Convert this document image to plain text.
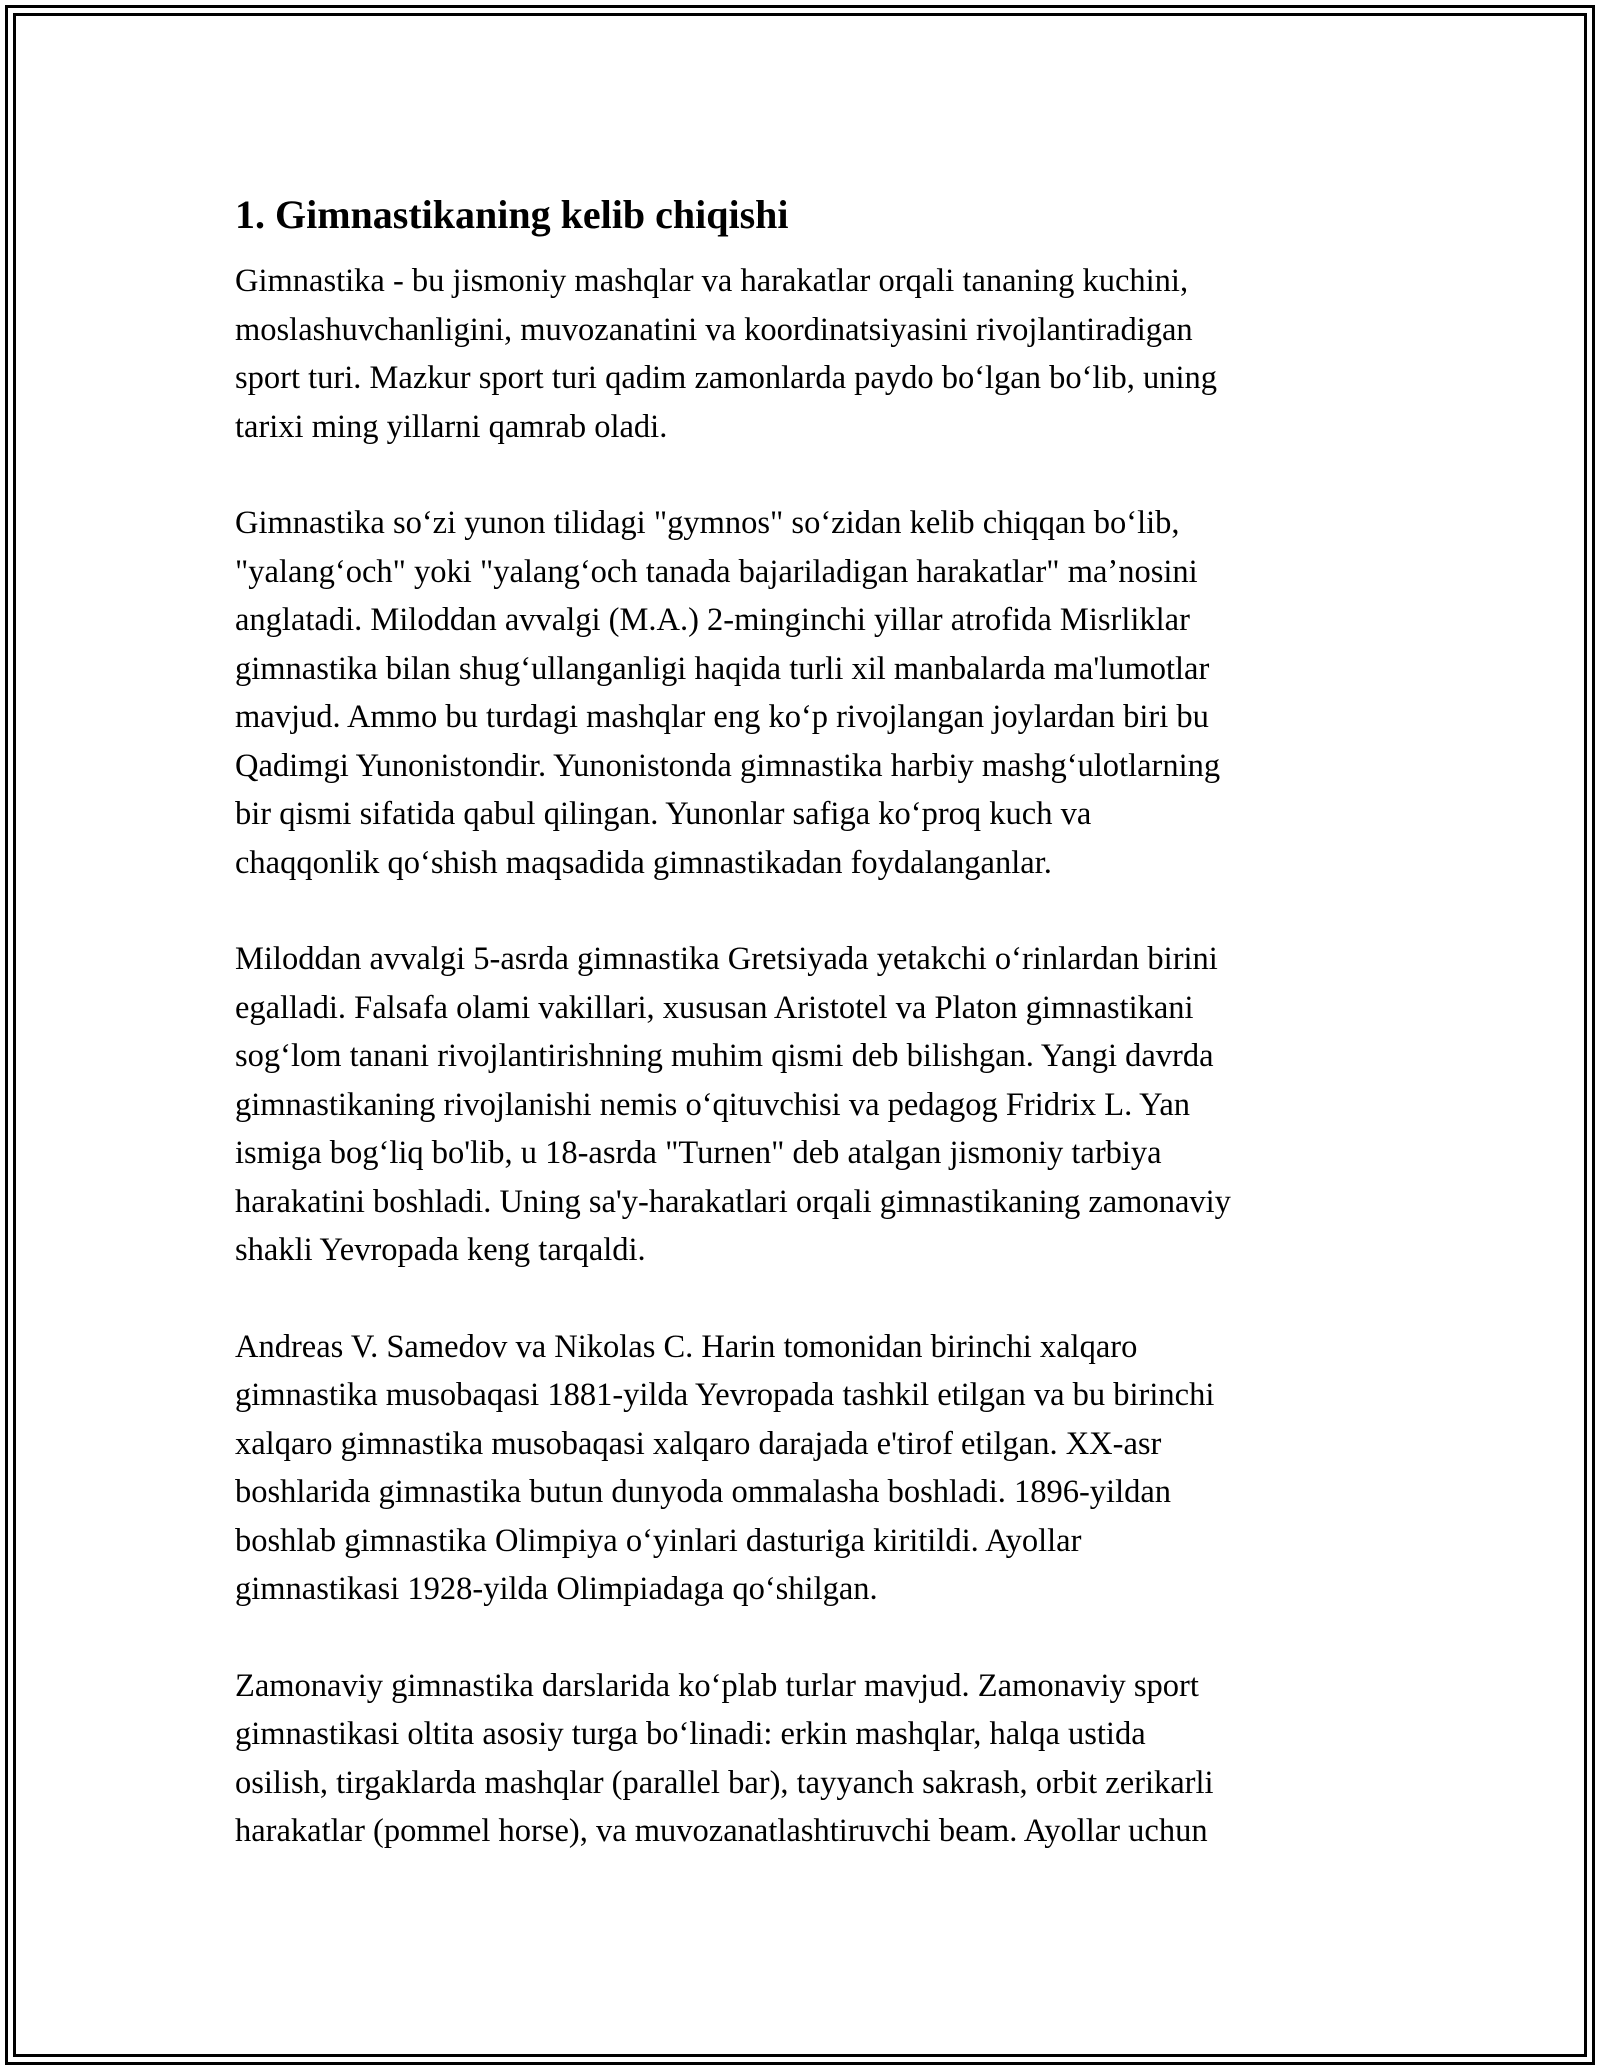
1. Gimnastikaning kelib chiqishi
Gimnastika - bu jismoniy mashqlar va harakatlar orqali tananing kuchini,
moslashuvchanligini, muvozanatini va koordinatsiyasini rivojlantiradigan
sport turi. Mazkur sport turi qadim zamonlarda paydo boʻlgan boʻlib, uning
tarixi ming yillarni qamrab oladi.
Gimnastika soʻzi yunon tilidagi "gymnos" soʻzidan kelib chiqqan boʻlib,
"yalangʻoch" yoki "yalangʻoch tanada bajariladigan harakatlar" maʼnosini
anglatadi. Miloddan avvalgi (M.A.) 2-minginchi yillar atrofida Misrliklar
gimnastika bilan shugʻullanganligi haqida turli xil manbalarda ma'lumotlar
mavjud. Ammo bu turdagi mashqlar eng koʻp rivojlangan joylardan biri bu
Qadimgi Yunonistondir. Yunonistonda gimnastika harbiy mashgʻulotlarning
bir qismi sifatida qabul qilingan. Yunonlar safiga koʻproq kuch va
chaqqonlik qoʻshish maqsadida gimnastikadan foydalanganlar.
Miloddan avvalgi 5-asrda gimnastika Gretsiyada yetakchi oʻrinlardan birini
egalladi. Falsafa olami vakillari, xususan Aristotel va Platon gimnastikani
sogʻlom tanani rivojlantirishning muhim qismi deb bilishgan. Yangi davrda
gimnastikaning rivojlanishi nemis oʻqituvchisi va pedagog Fridrix L. Yan
ismiga bogʻliq bo'lib, u 18-asrda "Turnen" deb atalgan jismoniy tarbiya
harakatini boshladi. Uning sa'y-harakatlari orqali gimnastikaning zamonaviy
shakli Yevropada keng tarqaldi.
Andreas V. Samedov va Nikolas C. Harin tomonidan birinchi xalqaro
gimnastika musobaqasi 1881-yilda Yevropada tashkil etilgan va bu birinchi
xalqaro gimnastika musobaqasi xalqaro darajada e'tirof etilgan. XX-asr
boshlarida gimnastika butun dunyoda ommalasha boshladi. 1896-yildan
boshlab gimnastika Olimpiya oʻyinlari dasturiga kiritildi. Ayollar
gimnastikasi 1928-yilda Olimpiadaga qoʻshilgan.
Zamonaviy gimnastika darslarida koʻplab turlar mavjud. Zamonaviy sport
gimnastikasi oltita asosiy turga boʻlinadi: erkin mashqlar, halqa ustida
osilish, tirgaklarda mashqlar (parallel bar), tayyanch sakrash, orbit zerikarli
harakatlar (pommel horse), va muvozanatlashtiruvchi beam. Ayollar uchun
